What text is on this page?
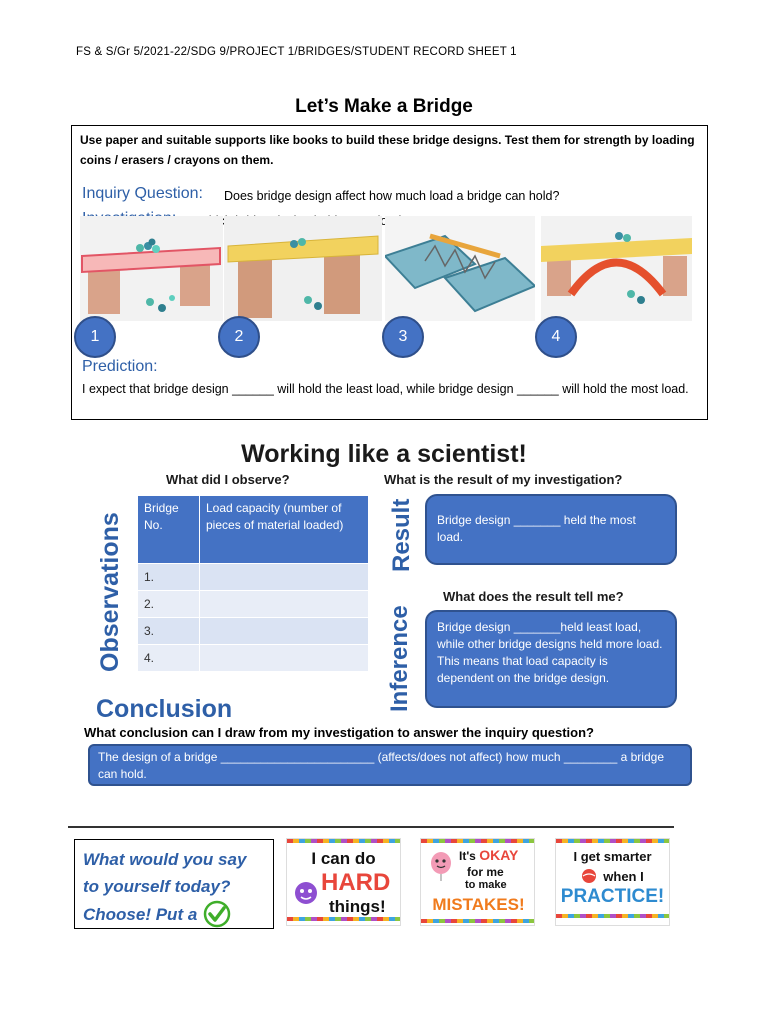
FS & S/Gr 5/2021-22/SDG 9/PROJECT 1/BRIDGES/STUDENT RECORD SHEET 1
Let’s Make a Bridge
Use paper and suitable supports like books to build these bridge designs. Test them for strength by loading coins / erasers / crayons on them.
Inquiry Question: Does bridge design affect how much load a bridge can hold?
1	2	3	4
Prediction:
I expect that bridge design ______ will hold the least load, while bridge design ______ will hold the most load.
Working like a scientist!
What did I observe?	What is the result of my investigation?
Observations	Result
Inference
Bridge No.	Load capacity (number of pieces of material loaded)
1.	
2.	
3.	
4.	
Bridge design _______ held the most load.
What does the result tell me?
Bridge design _______held least load, while other bridge designs held more load. This means that load capacity is dependent on the bridge design.
Conclusion
What conclusion can I draw from my investigation to answer the inquiry question?
The design of a bridge _______________________ (affects/does not affect) how much ________ a bridge can hold.
What would you say
to yourself today?
Choose! Put a
I can do
HARD
things!
It's OKAY
for me
to make
MISTAKES!
I get smarter
when I
PRACTICE!
